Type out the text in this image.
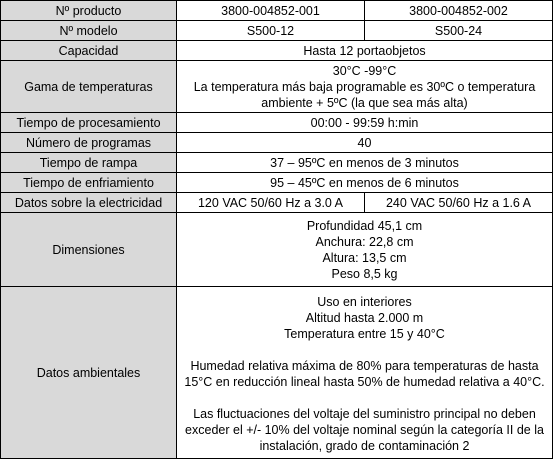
Nº producto	3800-004852-001	3800-004852-002
Nº modelo	S500-12	S500-24
Capacidad	Hasta 12 portaobjetos	
Gama de temperaturas	30°C -99°C
La temperatura más baja programable es 30ºC o temperatura
ambiente + 5ºC (la que sea más alta)	

Tiempo de procesamiento	00:00 - 99:59 h:min	
Número de programas	40	
Tiempo de rampa	37 – 95ºC en menos de 3 minutos	
Tiempo de enfriamiento	95 – 45ºC en menos de 6 minutos	
Datos sobre la electricidad	120 VAC 50/60 Hz a 3.0 A	240 VAC 50/60 Hz a 1.6 A
Dimensiones	Profundidad 45,1 cm
Anchura: 22,8 cm
Altura: 13,5 cm
Peso 8,5 kg	

Datos ambientales	Uso en interiores
Altitud hasta 2.000 m
Temperatura entre 15 y 40°C
Humedad relativa máxima de 80% para temperaturas de hasta 15°C en reducción lineal hasta 50% de humedad relativa a 40°C.
Las fluctuaciones del voltaje del suministro principal no deben exceder el +/- 10% del voltaje nominal según la categoría II de la instalación, grado de contaminación 2	
